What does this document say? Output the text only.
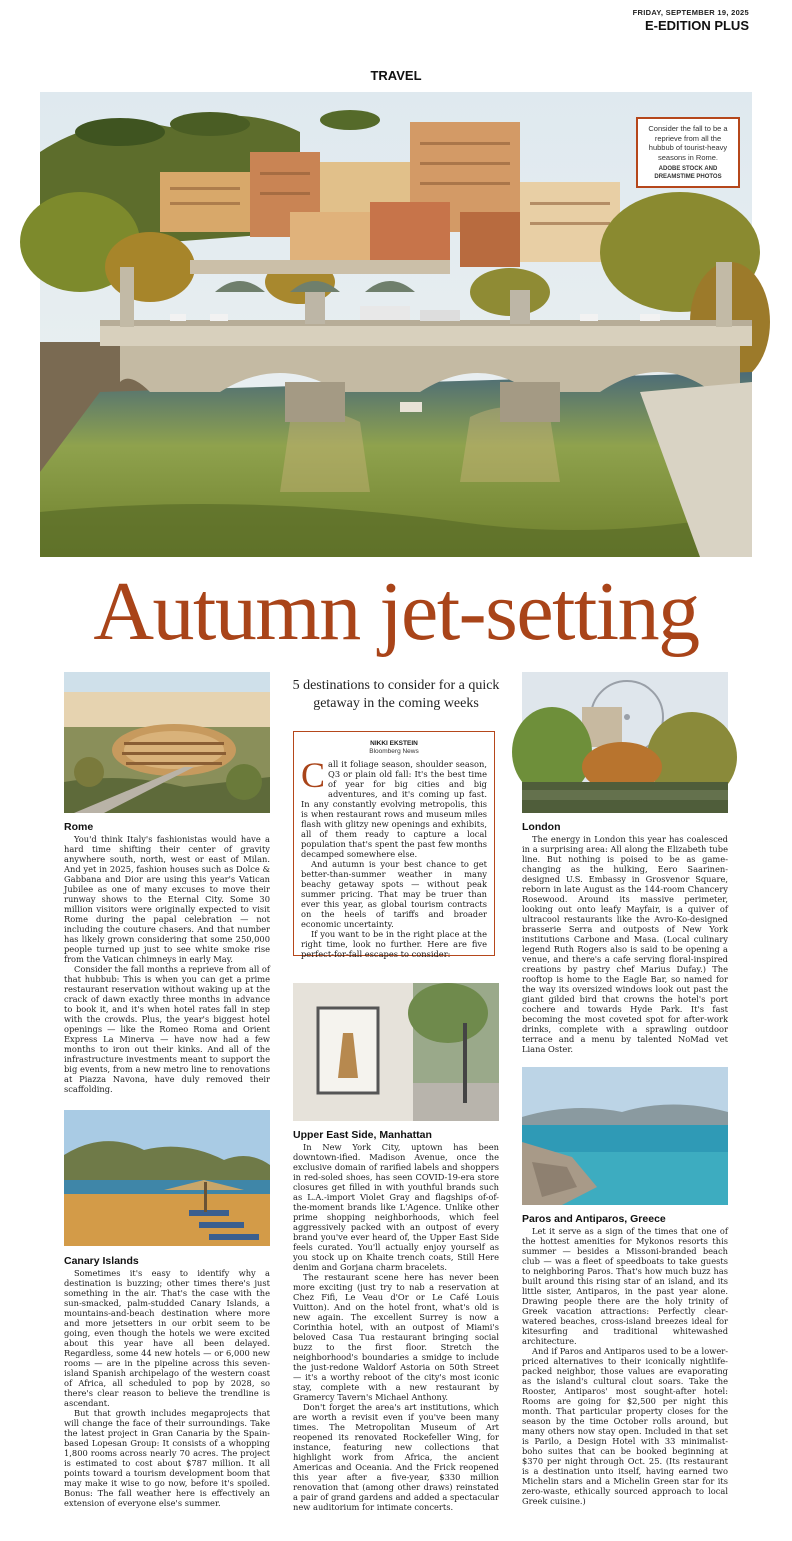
FRIDAY, SEPTEMBER 19, 2025
E-EDITION PLUS
TRAVEL
Consider the fall to be a reprieve from all the hubbub of tourist-heavy seasons in Rome.
ADOBE STOCK AND DREAMSTIME PHOTOS
Autumn jet-setting
5 destinations to consider for a quick getaway in the coming weeks
NIKKI EKSTEIN
Bloomberg News

Call it foliage season, shoulder season, Q3 or plain old fall: It's the best time of year for big cities and big adventures, and it's coming up fast. In any constantly evolving metropolis, this is when restaurant rows and museum miles flash with glitzy new openings and exhibits, all of them ready to capture a local population that's spent the past few months decamped somewhere else.

And autumn is your best chance to get better-than-summer weather in many beachy getaway spots — without peak summer pricing. That may be truer than ever this year, as global tourism contracts on the heels of tariffs and broader economic uncertainty.

If you want to be in the right place at the right time, look no further. Here are five perfect-for-fall escapes to consider:

Rome

You'd think Italy's fashionistas would have a hard time shifting their center of gravity anywhere south, north, west or east of Milan. And yet in 2025, fashion houses such as Dolce & Gabbana and Dior are using this year's Vatican Jubilee as one of many excuses to move their runway shows to the Eternal City. Some 30 million visitors were originally expected to visit Rome during the papal celebration — not including the couture chasers. And that number has likely grown considering that some 250,000 people turned up just to see white smoke rise from the Vatican chimneys in early May.

Consider the fall months a reprieve from all of that hubbub: This is when you can get a prime restaurant reservation without waking up at the crack of dawn exactly three months in advance to book it, and it's when hotel rates fall in step with the crowds. Plus, the year's biggest hotel openings — like the Romeo Roma and Orient Express La Minerva — have now had a few months to iron out their kinks. And all of the infrastructure investments meant to support the big events, from a new metro line to renovations at Piazza Navona, have duly removed their scaffolding.

Canary Islands

Sometimes it's easy to identify why a destination is buzzing; other times there's just something in the air. That's the case with the sun-smacked, palm-studded Canary Islands, a mountains-and-beach destination where more and more jetsetters in our orbit seem to be going, even though the hotels we were excited about this year have all been delayed. Regardless, some 44 new hotels — or 6,000 new rooms — are in the pipeline across this seven-island Spanish archipelago of the western coast of Africa, all scheduled to pop by 2028, so there's clear reason to believe the trendline is ascendant.

But that growth includes megaprojects that will change the face of their surroundings. Take the latest project in Gran Canaria by the Spain-based Lopesan Group: It consists of a whopping 1,800 rooms across nearly 70 acres. The project is estimated to cost about $787 million. It all points toward a tourism development boom that may make it wise to go now, before it's spoiled. Bonus: The fall weather here is effectively an extension of everyone else's summer.

Upper East Side, Manhattan

In New York City, uptown has been downtown-ified. Madison Avenue, once the exclusive domain of rarified labels and shoppers in red-soled shoes, has seen COVID-19-era store closures get filled in with youthful brands such as L.A.-import Violet Gray and flagships of-of-the-moment brands like L'Agence. Unlike other prime shopping neighborhoods, which feel aggressively packed with an outpost of every brand you've ever heard of, the Upper East Side feels curated. You'll actually enjoy yourself as you stock up on Khaite trench coats, Still Here denim and Gorjana charm bracelets.

The restaurant scene here has never been more exciting (just try to nab a reservation at Chez Fifi, Le Veau d'Or or Le Café Louis Vuitton). And on the hotel front, what's old is new again. The excellent Surrey is now a Corinthia hotel, with an outpost of Miami's beloved Casa Tua restaurant bringing social buzz to the first floor. Stretch the neighborhood's boundaries a smidge to include the just-redone Waldorf Astoria on 50th Street — it's a worthy reboot of the city's most iconic stay, complete with a new restaurant by Gramercy Tavern's Michael Anthony.

Don't forget the area's art institutions, which are worth a revisit even if you've been many times. The Metropolitan Museum of Art reopened its renovated Rockefeller Wing, for instance, featuring new collections that highlight work from Africa, the ancient Americas and Oceania. And the Frick reopened this year after a five-year, $330 million renovation that (among other draws) reinstated a pair of grand gardens and added a spectacular new auditorium for intimate concerts.

London

The energy in London this year has coalesced in a surprising area: All along the Elizabeth tube line. But nothing is poised to be as game-changing as the hulking, Eero Saarinen-designed U.S. Embassy in Grosvenor Square, reborn in late August as the 144-room Chancery Rosewood. Around its massive perimeter, looking out onto leafy Mayfair, is a quiver of ultracool restaurants like the Avro-Ko-designed brasserie Serra and outposts of New York institutions Carbone and Masa. (Local culinary legend Ruth Rogers also is said to be opening a venue, and there's a cafe serving floral-inspired creations by pastry chef Marius Dufay.) The rooftop is home to the Eagle Bar, so named for the way its oversized windows look out past the giant gilded bird that crowns the hotel's port cochere and towards Hyde Park. It's fast becoming the most coveted spot for after-work drinks, complete with a sprawling outdoor terrace and a menu by talented NoMad vet Liana Oster.

Paros and Antiparos, Greece

Let it serve as a sign of the times that one of the hottest amenities for Mykonos resorts this summer — besides a Missoni-branded beach club — was a fleet of speedboats to take guests to neighboring Paros. That's how much buzz has built around this rising star of an island, and its little sister, Antiparos, in the past year alone. Drawing people there are the holy trinity of Greek vacation attractions: Perfectly clear-watered beaches, cross-island breezes ideal for kitesurfing and traditional whitewashed architecture.

And if Paros and Antiparos used to be a lower-priced alternatives to their iconically nightlife-packed neighbor, those values are evaporating as the island's cultural clout soars. Take the Rooster, Antiparos' most sought-after hotel: Rooms are going for $2,500 per night this month. That particular property closes for the season by the time October rolls around, but many others now stay open. Included in that set is Parilo, a Design Hotel with 33 minimalist-boho suites that can be booked beginning at $370 per night through Oct. 25. (Its restaurant is a destination unto itself, having earned two Michelin stars and a Michelin Green star for its zero-waste, ethically sourced approach to local Greek cuisine.)
